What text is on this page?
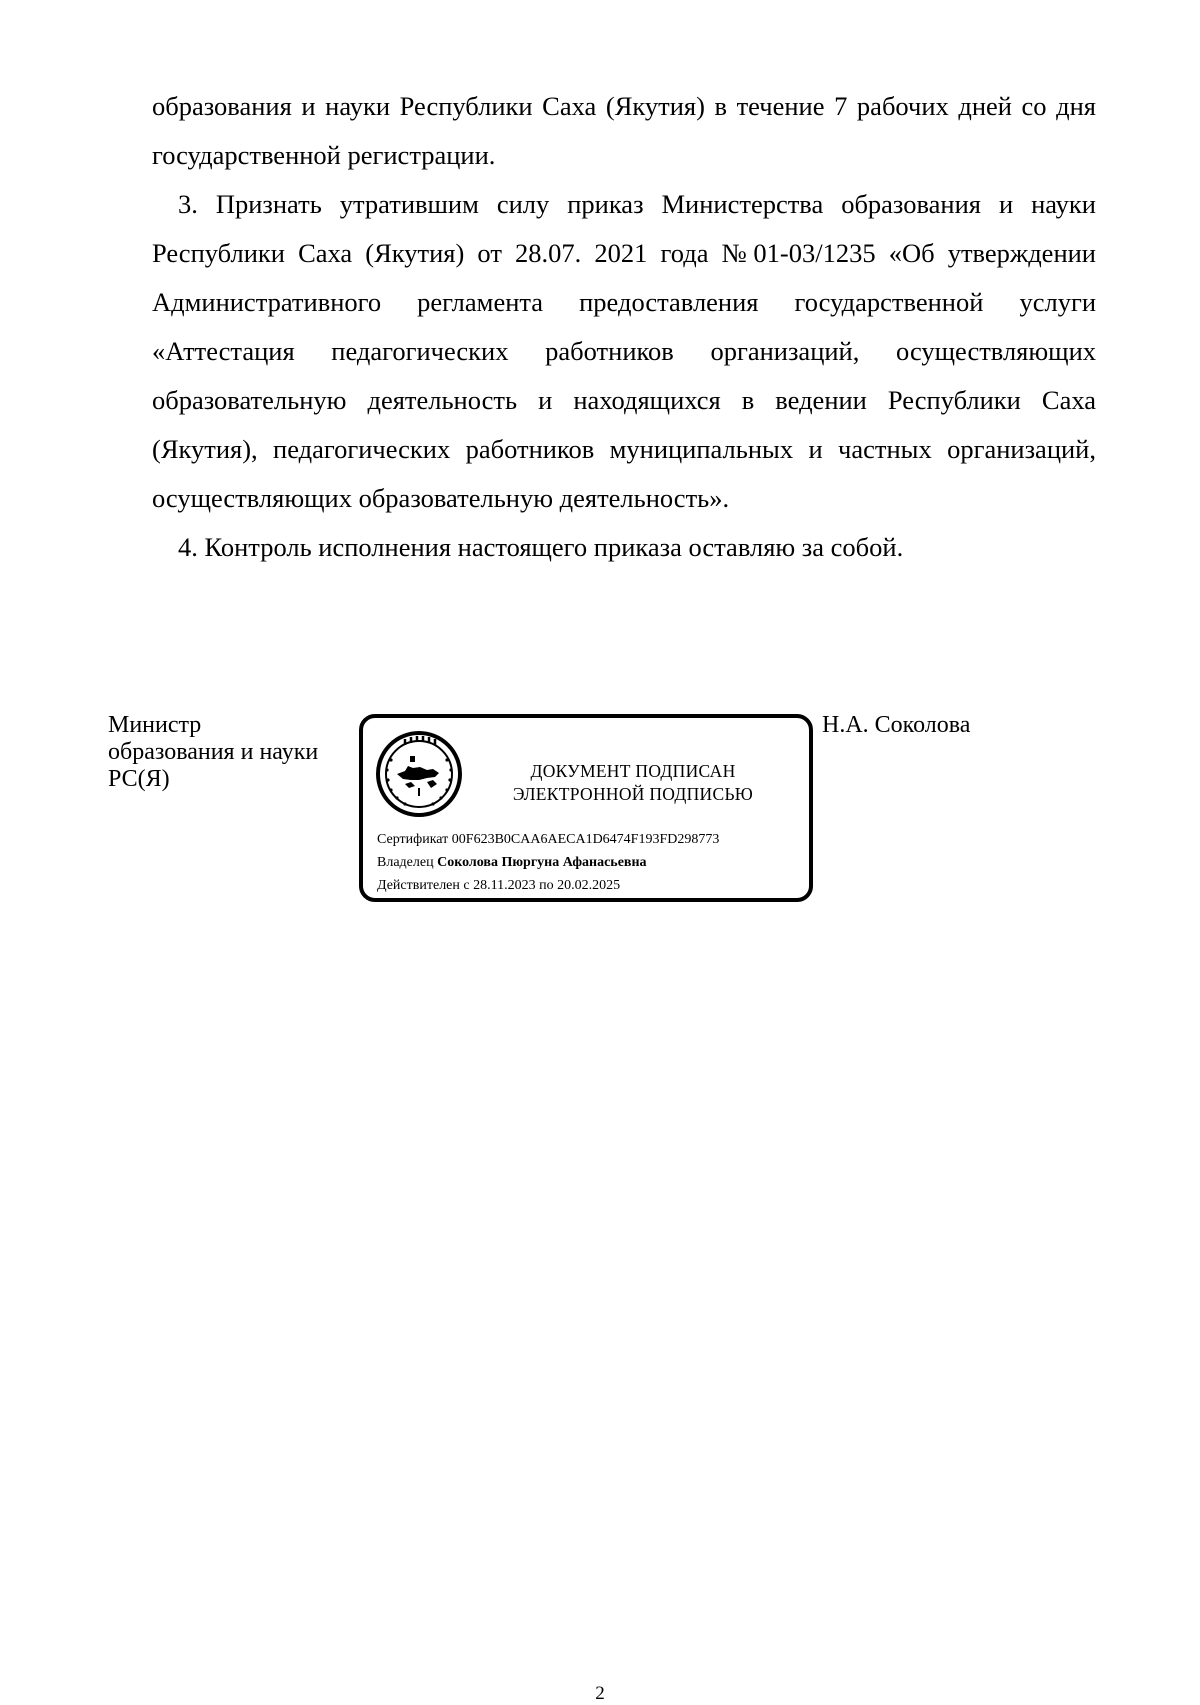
образования и науки Республики Саха (Якутия) в течение 7 рабочих дней со дня государственной регистрации.

3. Признать утратившим силу приказ Министерства образования и науки Республики Саха (Якутия) от 28.07. 2021 года №01-03/1235 «Об утверждении Административного регламента предоставления государственной услуги «Аттестация педагогических работников организаций, осуществляющих образовательную деятельность и находящихся в ведении Республики Саха (Якутия), педагогических работников муниципальных и частных организаций, осуществляющих образовательную деятельность».

4. Контроль исполнения настоящего приказа оставляю за собой.

Министр
образования и науки
РС(Я)
Н.А. Соколова
ДОКУМЕНТ ПОДПИСАН
ЭЛЕКТРОННОЙ ПОДПИСЬЮ
Сертификат 00F623B0CAA6AECA1D6474F193FD298773
Владелец Соколова Пюргуна Афанасьевна
Действителен с 28.11.2023 по 20.02.2025
2
